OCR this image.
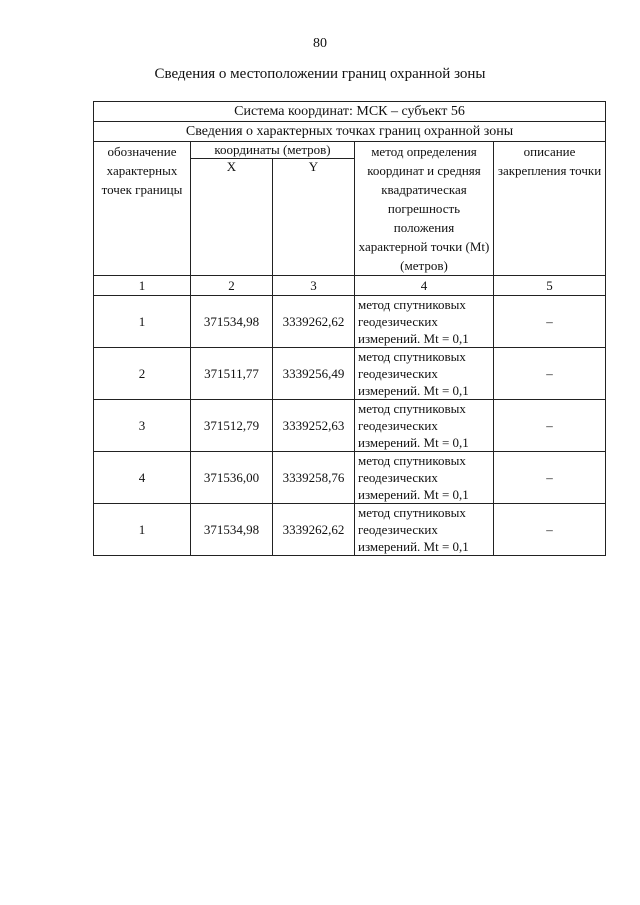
80
Сведения о местоположении границ охранной зоны
Система координат: МСК – субъект 56				
Сведения о характерных точках границ охранной зоны				
обозначение характерных точек границы	координаты (метров)		метод определения координат и средняя квадратическая погрешность положения характерной точки (Mt) (метров)	описание закрепления точки
	X	Y		
1	2	3	4	5
1	371534,98	3339262,62	метод спутниковых геодезических измерений. Mt = 0,1	–
2	371511,77	3339256,49	метод спутниковых геодезических измерений. Mt = 0,1	–
3	371512,79	3339252,63	метод спутниковых геодезических измерений. Mt = 0,1	–
4	371536,00	3339258,76	метод спутниковых геодезических измерений. Mt = 0,1	–
1	371534,98	3339262,62	метод спутниковых геодезических измерений. Mt = 0,1	–
